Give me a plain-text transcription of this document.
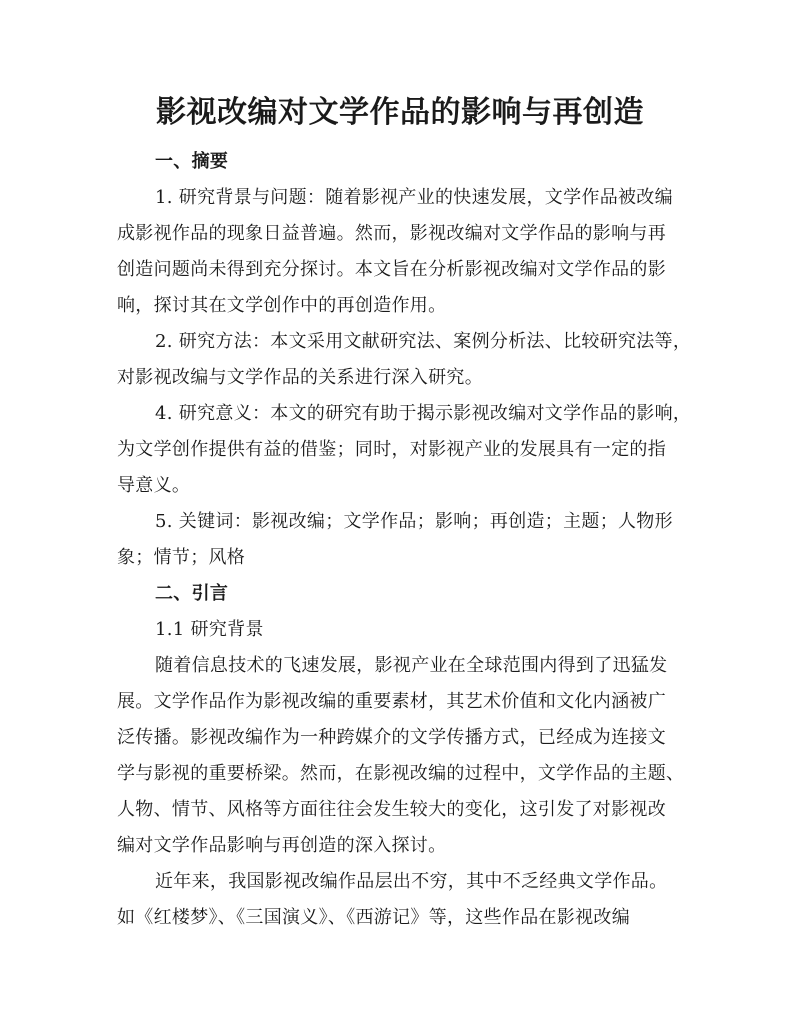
影视改编对文学作品的影响与再创造
一、摘要
1. 研究背景与问题：随着影视产业的快速发展，文学作品被改编
成影视作品的现象日益普遍。然而，影视改编对文学作品的影响与再
创造问题尚未得到充分探讨。本文旨在分析影视改编对文学作品的影
响，探讨其在文学创作中的再创造作用。
2. 研究方法：本文采用文献研究法、案例分析法、比较研究法等，
对影视改编与文学作品的关系进行深入研究。
4. 研究意义：本文的研究有助于揭示影视改编对文学作品的影响，
为文学创作提供有益的借鉴；同时，对影视产业的发展具有一定的指
导意义。
5. 关键词：影视改编；文学作品；影响；再创造；主题；人物形
象；情节；风格
二、引言
1.1 研究背景
随着信息技术的飞速发展，影视产业在全球范围内得到了迅猛发
展。文学作品作为影视改编的重要素材，其艺术价值和文化内涵被广
泛传播。影视改编作为一种跨媒介的文学传播方式，已经成为连接文
学与影视的重要桥梁。然而，在影视改编的过程中，文学作品的主题、
人物、情节、风格等方面往往会发生较大的变化，这引发了对影视改
编对文学作品影响与再创造的深入探讨。
近年来，我国影视改编作品层出不穷，其中不乏经典文学作品。
如《红楼梦》、《三国演义》、《西游记》等，这些作品在影视改编
